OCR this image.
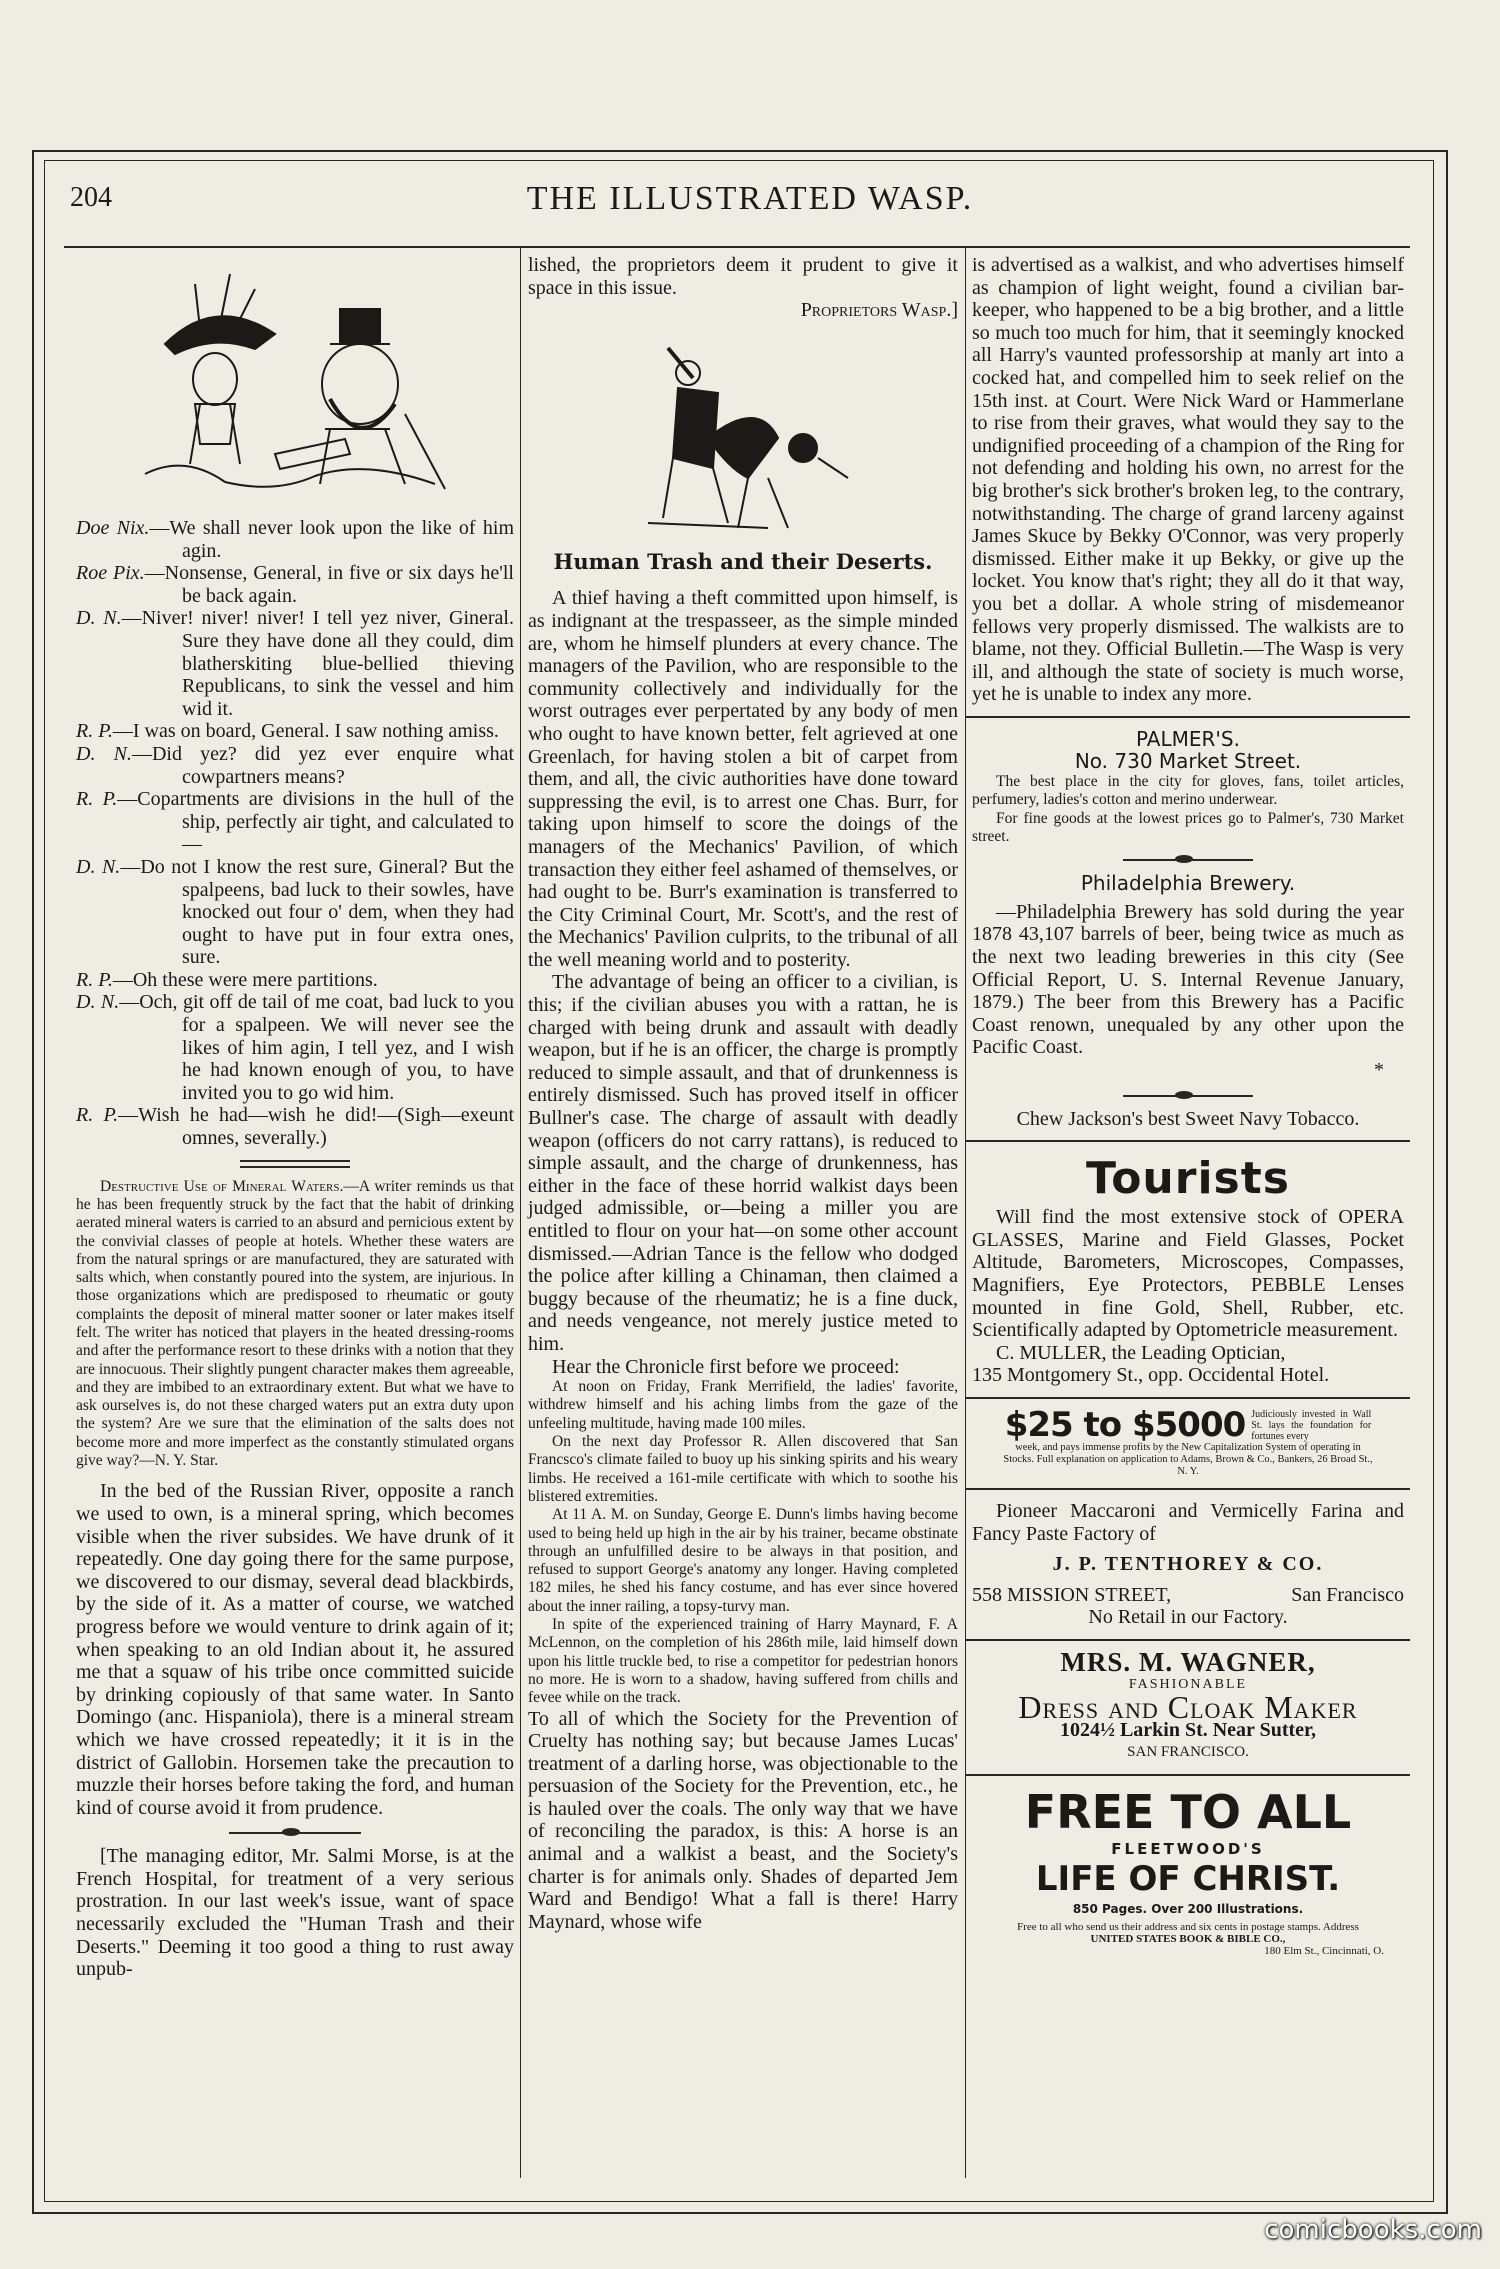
204	THE ILLUSTRATED WASP.

Doe Nix.—We shall never look upon the like of him agin.

Roe Pix.—Nonsense, General, in five or six days he'll be back again.

D. N.—Niver! niver! niver! I tell yez niver, Gineral. Sure they have done all they could, dim blatherskiting blue-bellied thieving Republicans, to sink the vessel and him wid it.

R. P.—I was on board, General. I saw nothing amiss.

D. N.—Did yez? did yez ever enquire what cowpartners means?

R. P.—Copartments are divisions in the hull of the ship, perfectly air tight, and calculated to—

D. N.—Do not I know the rest sure, Gineral? But the spalpeens, bad luck to their sowles, have knocked out four o' dem, when they had ought to have put in four extra ones, sure.

R. P.—Oh these were mere partitions.

D. N.—Och, git off de tail of me coat, bad luck to you for a spalpeen. We will never see the likes of him agin, I tell yez, and I wish he had known enough of you, to have invited you to go wid him.

R. P.—Wish he had—wish he did!—(Sigh—exeunt omnes, severally.)

Destructive Use of Mineral Waters.—A writer reminds us that he has been frequently struck by the fact that the habit of drinking aerated mineral waters is carried to an absurd and pernicious extent by the convivial classes of people at hotels. Whether these waters are from the natural springs or are manufactured, they are saturated with salts which, when constantly poured into the system, are injurious. In those organizations which are predisposed to rheumatic or gouty complaints the deposit of mineral matter sooner or later makes itself felt. The writer has noticed that players in the heated dressing-rooms and after the performance resort to these drinks with a notion that they are innocuous. Their slightly pungent character makes them agreeable, and they are imbibed to an extraordinary extent. But what we have to ask ourselves is, do not these charged waters put an extra duty upon the system? Are we sure that the elimination of the salts does not become more and more imperfect as the constantly stimulated organs give way?—N. Y. Star.

In the bed of the Russian River, opposite a ranch we used to own, is a mineral spring, which becomes visible when the river subsides. We have drunk of it repeatedly. One day going there for the same purpose, we discovered to our dismay, several dead blackbirds, by the side of it. As a matter of course, we watched progress before we would venture to drink again of it; when speaking to an old Indian about it, he assured me that a squaw of his tribe once committed suicide by drinking copiously of that same water. In Santo Domingo (anc. Hispaniola), there is a mineral stream which we have crossed repeatedly; it it is in the district of Gallobin. Horsemen take the precaution to muzzle their horses before taking the ford, and human kind of course avoid it from prudence.

[The managing editor, Mr. Salmi Morse, is at the French Hospital, for treatment of a very serious prostration. In our last week's issue, want of space necessarily excluded the "Human Trash and their Deserts." Deeming it too good a thing to rust away unpub-

lished, the proprietors deem it prudent to give it space in this issue.

Proprietors Wasp.]

Human Trash and their Deserts.

A thief having a theft committed upon himself, is as indignant at the trespasseer, as the simple minded are, whom he himself plunders at every chance. The managers of the Pavilion, who are responsible to the community collectively and individually for the worst outrages ever perpertated by any body of men who ought to have known better, felt agrieved at one Greenlach, for having stolen a bit of carpet from them, and all, the civic authorities have done toward suppressing the evil, is to arrest one Chas. Burr, for taking upon himself to score the doings of the managers of the Mechanics' Pavilion, of which transaction they either feel ashamed of themselves, or had ought to be. Burr's examination is transferred to the City Criminal Court, Mr. Scott's, and the rest of the Mechanics' Pavilion culprits, to the tribunal of all the well meaning world and to posterity.

The advantage of being an officer to a civilian, is this; if the civilian abuses you with a rattan, he is charged with being drunk and assault with deadly weapon, but if he is an officer, the charge is promptly reduced to simple assault, and that of drunkenness is entirely dismissed. Such has proved itself in officer Bullner's case. The charge of assault with deadly weapon (officers do not carry rattans), is reduced to simple assault, and the charge of drunkenness, has either in the face of these horrid walkist days been judged admissible, or—being a miller you are entitled to flour on your hat—on some other account dismissed.—Adrian Tance is the fellow who dodged the police after killing a Chinaman, then claimed a buggy because of the rheumatiz; he is a fine duck, and needs vengeance, not merely justice meted to him.

Hear the Chronicle first before we proceed:

At noon on Friday, Frank Merrifield, the ladies' favorite, withdrew himself and his aching limbs from the gaze of the unfeeling multitude, having made 100 miles.

On the next day Professor R. Allen discovered that San Francsco's climate failed to buoy up his sinking spirits and his weary limbs. He received a 161-mile certificate with which to soothe his blistered extremities.

At 11 A. M. on Sunday, George E. Dunn's limbs having become used to being held up high in the air by his trainer, became obstinate through an unfulfilled desire to be always in that position, and refused to support George's anatomy any longer. Having completed 182 miles, he shed his fancy costume, and has ever since hovered about the inner railing, a topsy-turvy man.

In spite of the experienced training of Harry Maynard, F. A McLennon, on the completion of his 286th mile, laid himself down upon his little truckle bed, to rise a competitor for pedestrian honors no more. He is worn to a shadow, having suffered from chills and fevee while on the track.

To all of which the Society for the Prevention of Cruelty has nothing say; but because James Lucas' treatment of a darling horse, was objectionable to the persuasion of the Society for the Prevention, etc., he is hauled over the coals. The only way that we have of reconciling the paradox, is this: A horse is an animal and a walkist a beast, and the Society's charter is for animals only. Shades of departed Jem Ward and Bendigo! What a fall is there! Harry Maynard, whose wife

is advertised as a walkist, and who advertises himself as champion of light weight, found a civilian bar-keeper, who happened to be a big brother, and a little so much too much for him, that it seemingly knocked all Harry's vaunted professorship at manly art into a cocked hat, and compelled him to seek relief on the 15th inst. at Court. Were Nick Ward or Hammerlane to rise from their graves, what would they say to the undignified proceeding of a champion of the Ring for not defending and holding his own, no arrest for the big brother's sick brother's broken leg, to the contrary, notwithstanding. The charge of grand larceny against James Skuce by Bekky O'Connor, was very properly dismissed. Either make it up Bekky, or give up the locket. You know that's right; they all do it that way, you bet a dollar. A whole string of misdemeanor fellows very properly dismissed. The walkists are to blame, not they. Official Bulletin.—The Wasp is very ill, and although the state of society is much worse, yet he is unable to index any more.

PALMER'S.
No. 730 Market Street.

The best place in the city for gloves, fans, toilet articles, perfumery, ladies's cotton and merino underwear.

For fine goods at the lowest prices go to Palmer's, 730 Market street.

Philadelphia Brewery.

—Philadelphia Brewery has sold during the year 1878 43,107 barrels of beer, being twice as much as the next two leading breweries in this city (See Official Report, U. S. Internal Revenue January, 1879.) The beer from this Brewery has a Pacific Coast renown, unequaled by any other upon the Pacific Coast.

*

Chew Jackson's best Sweet Navy Tobacco.
Tourists

Will find the most extensive stock of OPERA GLASSES, Marine and Field Glasses, Pocket Altitude, Barometers, Microscopes, Compasses, Magnifiers, Eye Protectors, PEBBLE Lenses mounted in fine Gold, Shell, Rubber, etc. Scientifically adapted by Optometricle measurement.

C. MULLER, the Leading Optician,

135 Montgomery St., opp. Occidental Hotel.

$25 to $5000 Judiciously invested in Wall St. lays the foundation for fortunes every

week, and pays immense profits by the New Capitalization System of operating in Stocks. Full explanation on application to Adams, Brown & Co., Bankers, 26 Broad St., N. Y.

Pioneer Maccaroni and Vermicelly Farina and Fancy Paste Factory of

J. P. TENTHOREY & CO.

558 MISSION STREET,	San Francisco

No Retail in our Factory.

MRS. M. WAGNER,
FASHIONABLE
Dress and Cloak Maker
1024½ Larkin St. Near Sutter,
SAN FRANCISCO.
FREE TO ALL
FLEETWOOD'S
LIFE OF CHRIST.
850 Pages. Over 200 Illustrations.
Free to all who send us their address and six cents in postage stamps. Address
UNITED STATES BOOK & BIBLE CO.,
180 Elm St., Cincinnati, O.
comicbooks.com
